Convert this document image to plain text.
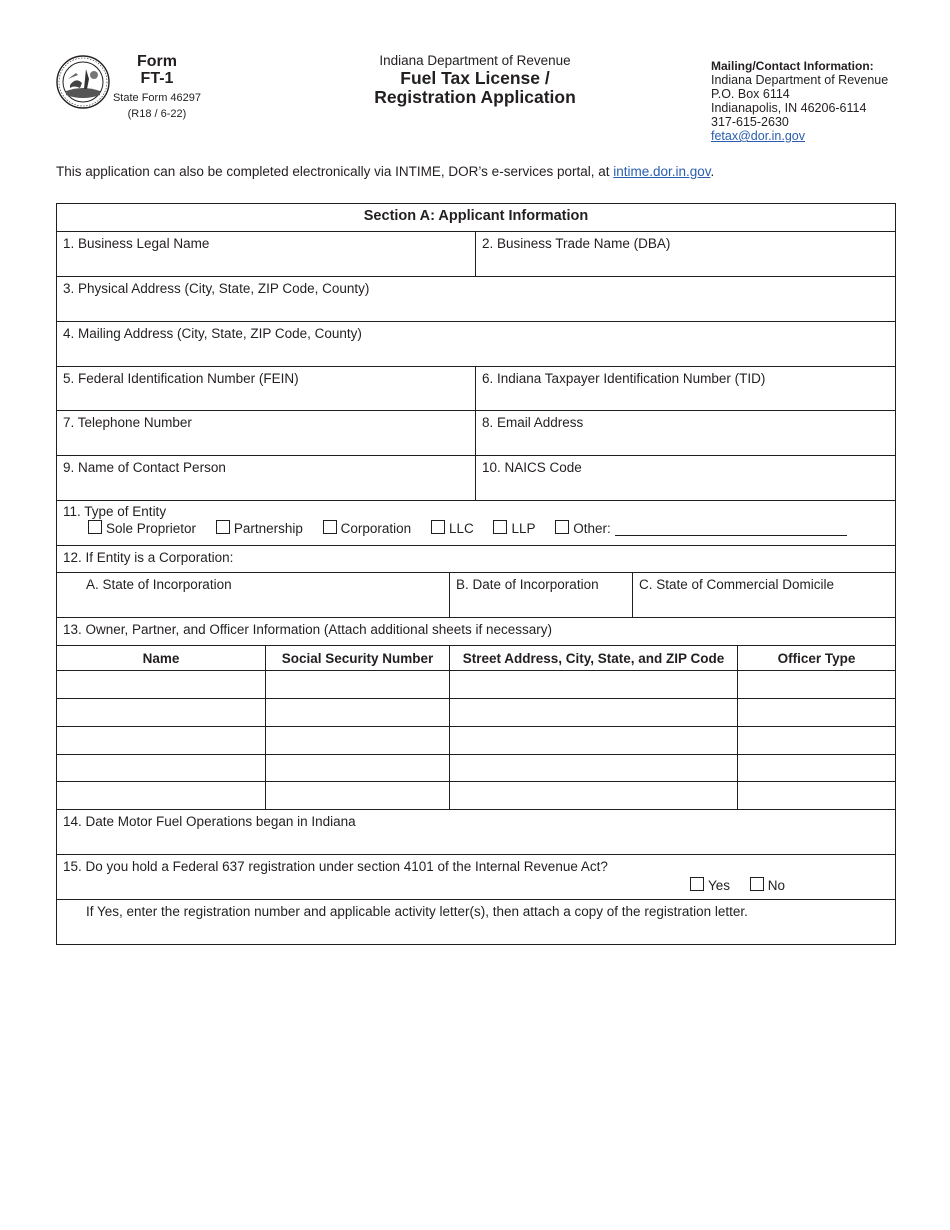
Form
FT-1
State Form 46297
(R18 / 6-22)
Indiana Department of Revenue
Fuel Tax License /
Registration Application
Mailing/Contact Information:
Indiana Department of Revenue
P.O. Box 6114
Indianapolis, IN 46206-6114
317-615-2630
fetax@dor.in.gov
This application can also be completed electronically via INTIME, DOR’s e-services portal, at intime.dor.in.gov.
Section A: Applicant Information					

1. Business Legal Name			2. Business Trade Name (DBA)		

3. Physical Address (City, State, ZIP Code, County)					

4. Mailing Address (City, State, ZIP Code, County)					

5. Federal Identification Number (FEIN)			6. Indiana Taxpayer Identification Number (TID)		

7. Telephone Number			8. Email Address		

9. Name of Contact Person			10. NAICS Code		

11. Type of Entity
Sole Proprietor Partnership Corporation LLC LLP Other:					

12. If Entity is a Corporation:					

A. State of Incorporation		B. Date of Incorporation		C. State of Commercial Domicile	

13. Owner, Partner, and Officer Information (Attach additional sheets if necessary)					

Name	Social Security Number	Street Address, City, State, and ZIP Code			Officer Type

14. Date Motor Fuel Operations began in Indiana					

15. Do you hold a Federal 637 registration under section 4101 of the Internal Revenue Act?
Yes No					

If Yes, enter the registration number and applicable activity letter(s), then attach a copy of the registration letter.					
